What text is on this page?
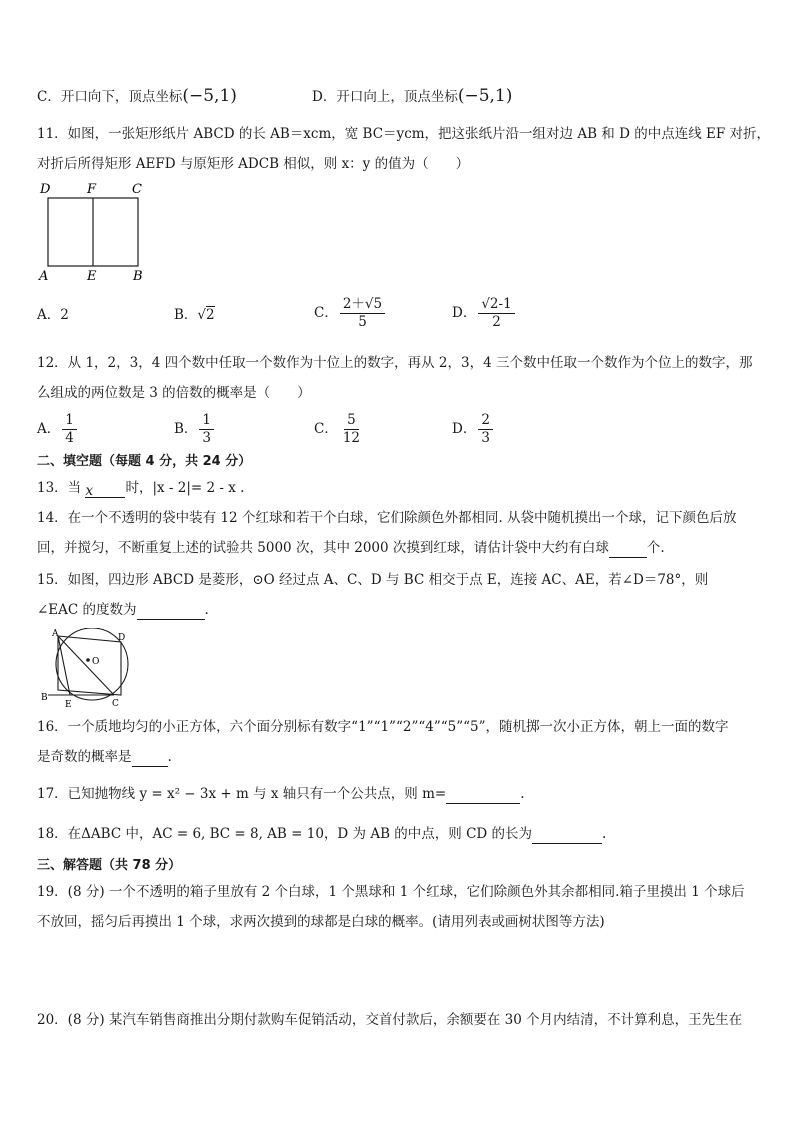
C．开口向下，顶点坐标(−5,1)	D．开口向上，顶点坐标(−5,1)
11．如图，一张矩形纸片 ABCD 的长 AB＝xcm，宽 BC＝ycm，把这张纸片沿一组对边 AB 和 D 的中点连线 EF 对折，
对折后所得矩形 AEFD 与原矩形 ADCB 相似，则 x：y 的值为（　　）
D	F	C
A	E	B
A．2	B．√2	C． $\frac{2+√5}{5}$	D． $\frac{√2-1}{2}$
12．从 1，2，3，4 四个数中任取一个数作为十位上的数字，再从 2，3，4 三个数中任取一个数作为个位上的数字，那
么组成的两位数是 3 的倍数的概率是（　　）
A． $\frac{1}{4}$	B． $\frac{1}{3}$	C． $\frac{5}{12}$	D． $\frac{2}{3}$
二、填空题（每题 4 分，共 24 分）
13．当 x 时，|x - 2|= 2 - x .
14．在一个不透明的袋中装有 12 个红球和若干个白球，它们除颜色外都相同. 从袋中随机摸出一个球，记下颜色后放
回，并搅匀，不断重复上述的试验共 5000 次，其中 2000 次摸到红球，请估计袋中大约有白球	个.
15．如图，四边形 ABCD 是菱形，⊙O 经过点 A、C、D 与 BC 相交于点 E，连接 AC、AE，若∠D＝78°，则
∠EAC 的度数为	.
A	D
O
B
E	C
16．一个质地均匀的小正方体，六个面分别标有数字“1”“1”“2”“4”“5”“5”，随机掷一次小正方体，朝上一面的数字
是奇数的概率是	.
17．已知抛物线 y = x² − 3x + m 与 x 轴只有一个公共点，则 m=	.
18．在ΔABC 中，AC = 6, BC = 8, AB = 10，D 为 AB 的中点，则 CD 的长为	.
三、解答题（共 78 分）
19．(8 分) 一个不透明的箱子里放有 2 个白球，1 个黑球和 1 个红球，它们除颜色外其余都相同.箱子里摸出 1 个球后
不放回，摇匀后再摸出 1 个球，求两次摸到的球都是白球的概率。(请用列表或画树状图等方法)
20．(8 分) 某汽车销售商推出分期付款购车促销活动，交首付款后，余额要在 30 个月内结清，不计算利息，王先生在
